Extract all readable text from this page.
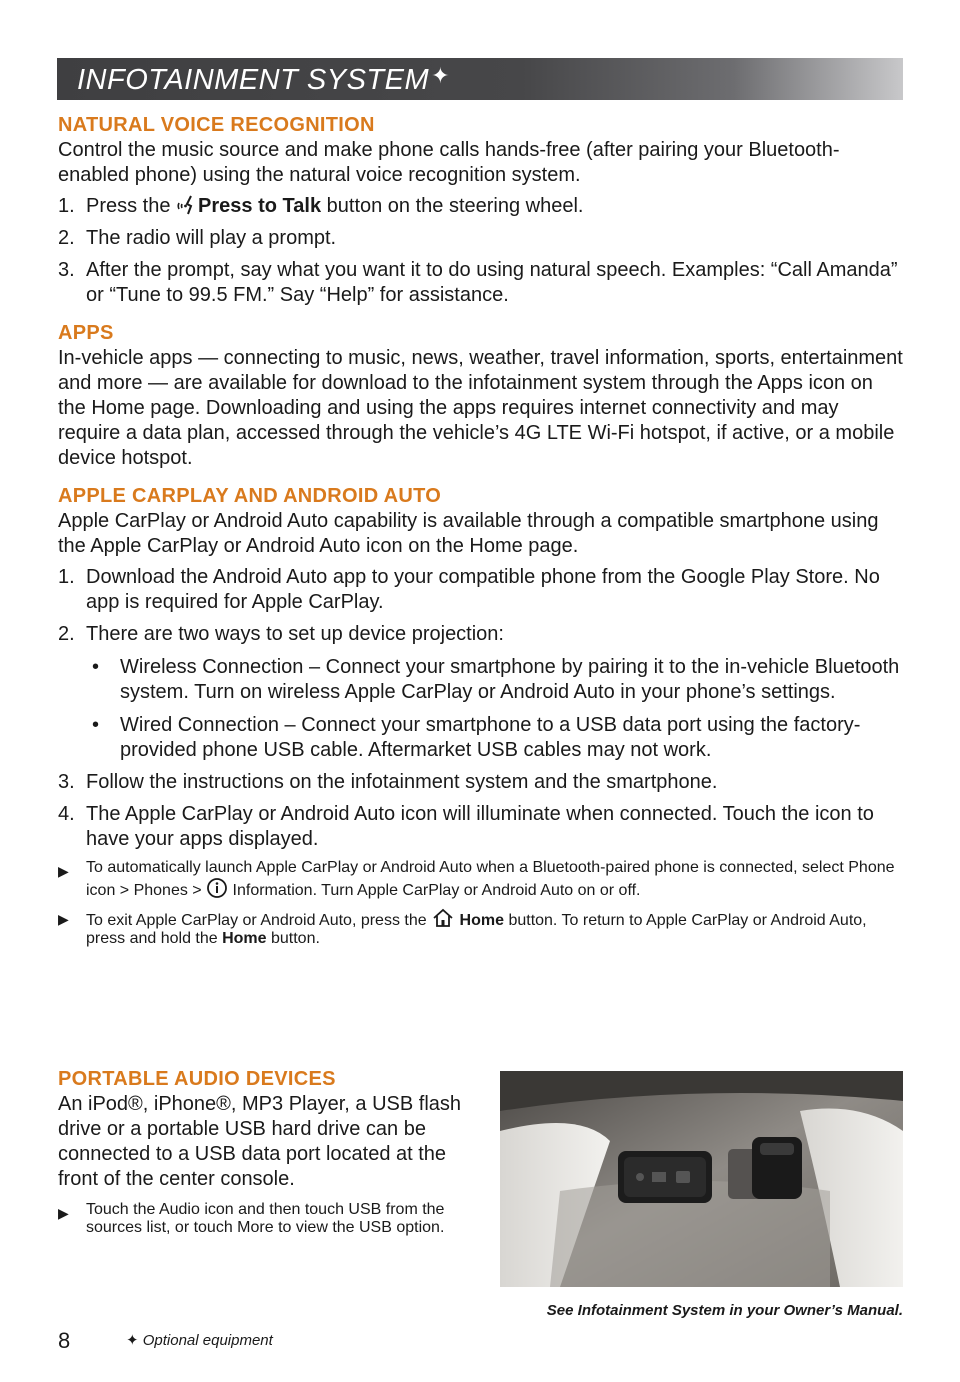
INFOTAINMENT SYSTEM✦
NATURAL VOICE RECOGNITION

Control the music source and make phone calls hands-free (after pairing your Bluetooth-enabled phone) using the natural voice recognition system.

1. Press the Press to Talk button on the steering wheel.
2. The radio will play a prompt.
3. After the prompt, say what you want it to do using natural speech. Examples: “Call Amanda” or “Tune to 99.5 FM.” Say “Help” for assistance.
APPS

In-vehicle apps — connecting to music, news, weather, travel information, sports, entertainment and more — are available for download to the infotainment system through the Apps icon on the Home page. Downloading and using the apps requires internet connectivity and may require a data plan, accessed through the vehicle’s 4G LTE Wi-Fi hotspot, if active, or a mobile device hotspot.

APPLE CARPLAY AND ANDROID AUTO

Apple CarPlay or Android Auto capability is available through a compatible smartphone using the Apple CarPlay or Android Auto icon on the Home page.

1. Download the Android Auto app to your compatible phone from the Google Play Store. No app is required for Apple CarPlay.
2. There are two ways to set up device projection:
•	Wireless Connection – Connect your smartphone by pairing it to the in-vehicle Bluetooth system. Turn on wireless Apple CarPlay or Android Auto in your phone’s settings.
•	Wired Connection – Connect your smartphone to a USB data port using the factory-provided phone USB cable. Aftermarket USB cables may not work.
3. Follow the instructions on the infotainment system and the smartphone.
4. The Apple CarPlay or Android Auto icon will illuminate when connected. Touch the icon to have your apps displayed.
▶	To automatically launch Apple CarPlay or Android Auto when a Bluetooth-paired phone is connected, select Phone icon > Phones >  Information. Turn Apple CarPlay or Android Auto on or off.
▶	To exit Apple CarPlay or Android Auto, press the  Home button. To return to Apple CarPlay or Android Auto, press and hold the Home button.
PORTABLE AUDIO DEVICES

An iPod®, iPhone®, MP3 Player, a USB flash drive or a portable USB hard drive can be connected to a USB data port located at the front of the center console.

▶	Touch the Audio icon and then touch USB from the sources list, or touch More to view the USB option.
See Infotainment System in your Owner’s Manual.
8	✦ Optional equipment
